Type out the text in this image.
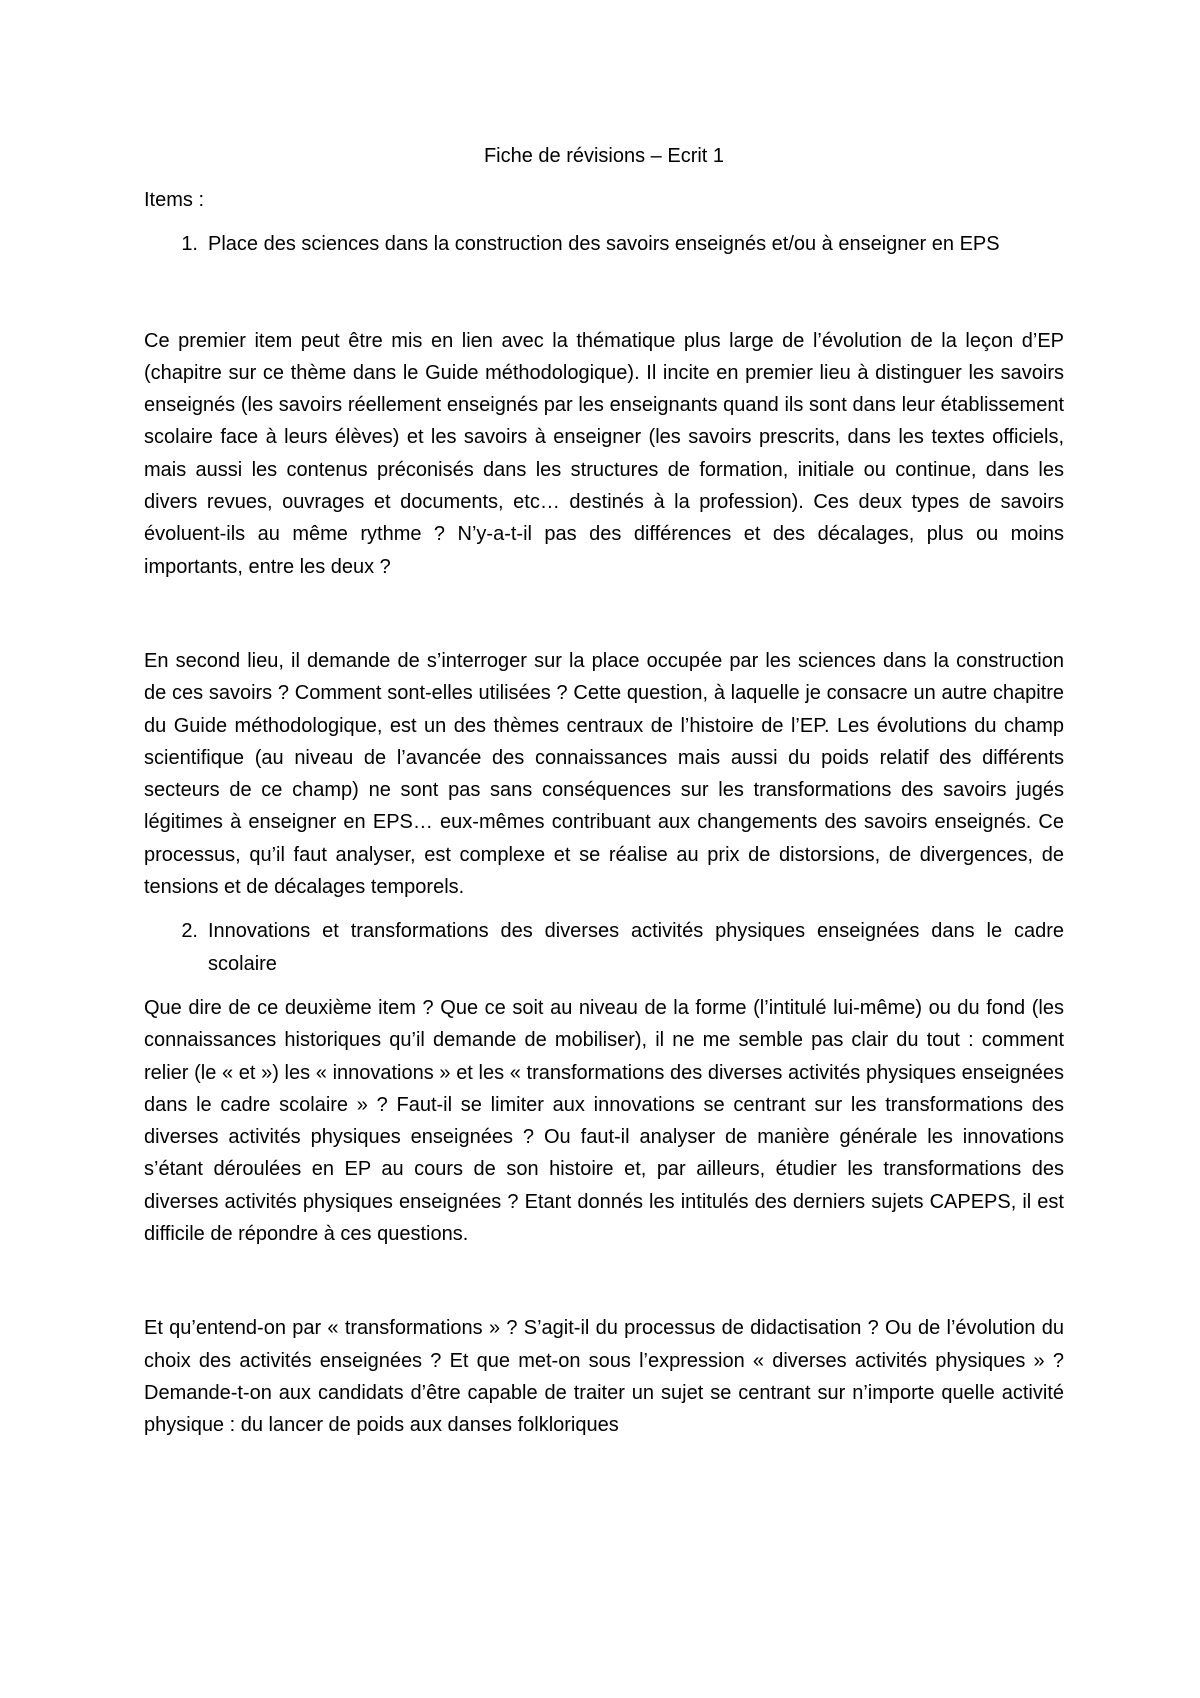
Fiche de révisions – Ecrit 1
Items :
1. Place des sciences dans la construction des savoirs enseignés et/ou à enseigner en EPS

Ce premier item peut être mis en lien avec la thématique plus large de l’évolution de la leçon d’EP (chapitre sur ce thème dans le Guide méthodologique). Il incite en premier lieu à distinguer les savoirs enseignés (les savoirs réellement enseignés par les enseignants quand ils sont dans leur établissement scolaire face à leurs élèves) et les savoirs à enseigner (les savoirs prescrits, dans les textes officiels, mais aussi les contenus préconisés dans les structures de formation, initiale ou continue, dans les divers revues, ouvrages et documents, etc… destinés à la profession). Ces deux types de savoirs évoluent-ils au même rythme ? N’y-a-t-il pas des différences et des décalages, plus ou moins importants, entre les deux ?

En second lieu, il demande de s’interroger sur la place occupée par les sciences dans la construction de ces savoirs ? Comment sont-elles utilisées ? Cette question, à laquelle je consacre un autre chapitre du Guide méthodologique, est un des thèmes centraux de l’histoire de l’EP. Les évolutions du champ scientifique (au niveau de l’avancée des connaissances mais aussi du poids relatif des différents secteurs de ce champ) ne sont pas sans conséquences sur les transformations des savoirs jugés légitimes à enseigner en EPS… eux-mêmes contribuant aux changements des savoirs enseignés. Ce processus, qu’il faut analyser, est complexe et se réalise au prix de distorsions, de divergences, de tensions et de décalages temporels.

2. Innovations et transformations des diverses activités physiques enseignées dans le cadre scolaire

Que dire de ce deuxième item ? Que ce soit au niveau de la forme (l’intitulé lui-même) ou du fond (les connaissances historiques qu’il demande de mobiliser), il ne me semble pas clair du tout : comment relier (le « et ») les « innovations » et les « transformations des diverses activités physiques enseignées dans le cadre scolaire » ? Faut-il se limiter aux innovations se centrant sur les transformations des diverses activités physiques enseignées ? Ou faut-il analyser de manière générale les innovations s’étant déroulées en EP au cours de son histoire et, par ailleurs, étudier les transformations des diverses activités physiques enseignées ? Etant donnés les intitulés des derniers sujets CAPEPS, il est difficile de répondre à ces questions.

Et qu’entend-on par « transformations » ? S’agit-il du processus de didactisation ? Ou de l’évolution du choix des activités enseignées ? Et que met-on sous l’expression « diverses activités physiques » ? Demande-t-on aux candidats d’être capable de traiter un sujet se centrant sur n’importe quelle activité physique : du lancer de poids aux danses folkloriques
